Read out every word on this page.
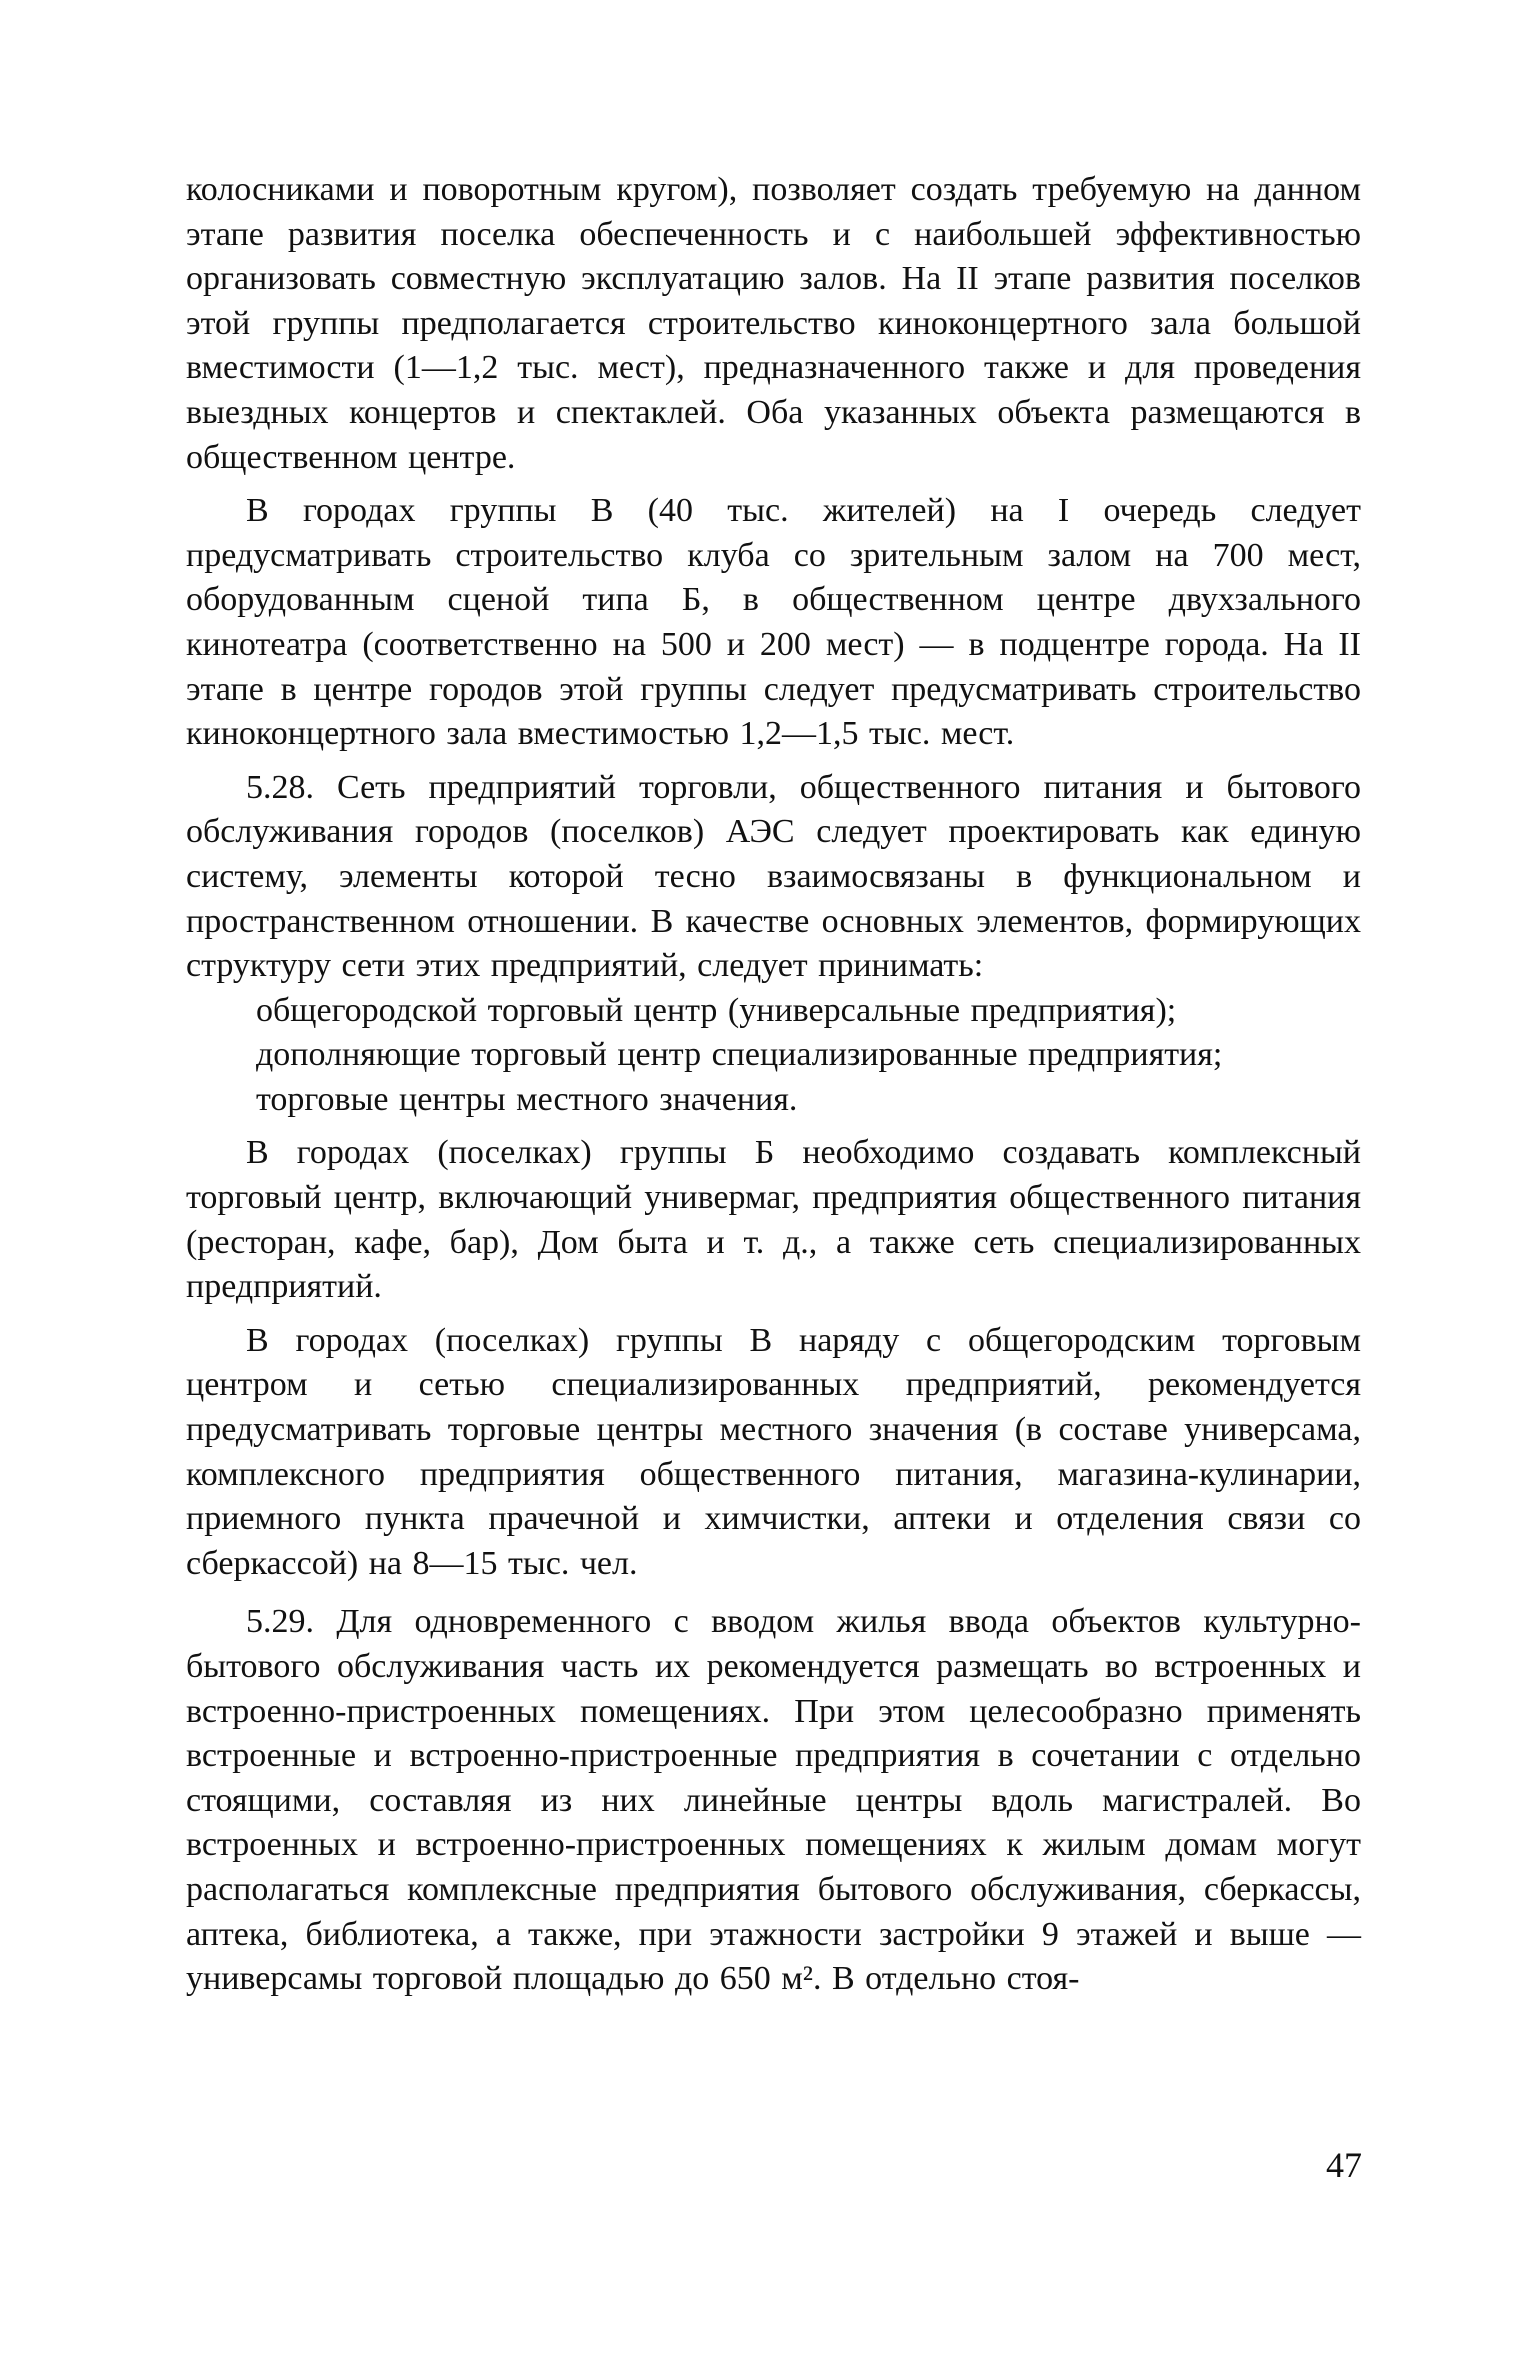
колосниками и поворотным кругом), позволяет создать требуемую на данном этапе развития поселка обеспеченность и с наибольшей эффективностью организовать совместную эксплуатацию залов. На II этапе развития поселков этой группы предполагается строительство киноконцертного зала большой вместимости (1—1,2 тыс. мест), предназначенного также и для проведения выездных концертов и спектаклей. Оба указанных объекта размещаются в общественном центре.

В городах группы В (40 тыс. жителей) на I очередь следует предусматривать строительство клуба со зрительным залом на 700 мест, оборудованным сценой типа Б, в общественном центре двухзального кинотеатра (соответственно на 500 и 200 мест) — в подцентре города. На II этапе в центре городов этой группы следует предусматривать строительство киноконцертного зала вместимостью 1,2—1,5 тыс. мест.

5.28. Сеть предприятий торговли, общественного питания и бытового обслуживания городов (поселков) АЭС следует проектировать как единую систему, элементы которой тесно взаимосвязаны в функциональном и пространственном отношении. В качестве основных элементов, формирующих структуру сети этих предприятий, следует принимать:

общегородской торговый центр (универсальные предприятия);

дополняющие торговый центр специализированные предприятия;

торговые центры местного значения.

В городах (поселках) группы Б необходимо создавать комплексный торговый центр, включающий универмаг, предприятия общественного питания (ресторан, кафе, бар), Дом быта и т. д., а также сеть специализированных предприятий.

В городах (поселках) группы В наряду с общегородским торговым центром и сетью специализированных предприятий, рекомендуется предусматривать торговые центры местного значения (в составе универсама, комплексного предприятия общественного питания, магазина-кулинарии, приемного пункта прачечной и химчистки, аптеки и отделения связи со сберкассой) на 8—15 тыс. чел.

5.29. Для одновременного с вводом жилья ввода объектов культурно-бытового обслуживания часть их рекомендуется размещать во встроенных и встроенно-пристроенных помещениях. При этом целесообразно применять встроенные и встроенно-пристроенные предприятия в сочетании с отдельно стоящими, составляя из них линейные центры вдоль магистралей. Во встроенных и встроенно-пристроенных помещениях к жилым домам могут располагаться комплексные предприятия бытового обслуживания, сберкассы, аптека, библиотека, а также, при этажности застройки 9 этажей и выше — универсамы торговой площадью до 650 м². В отдельно стоя-

47
